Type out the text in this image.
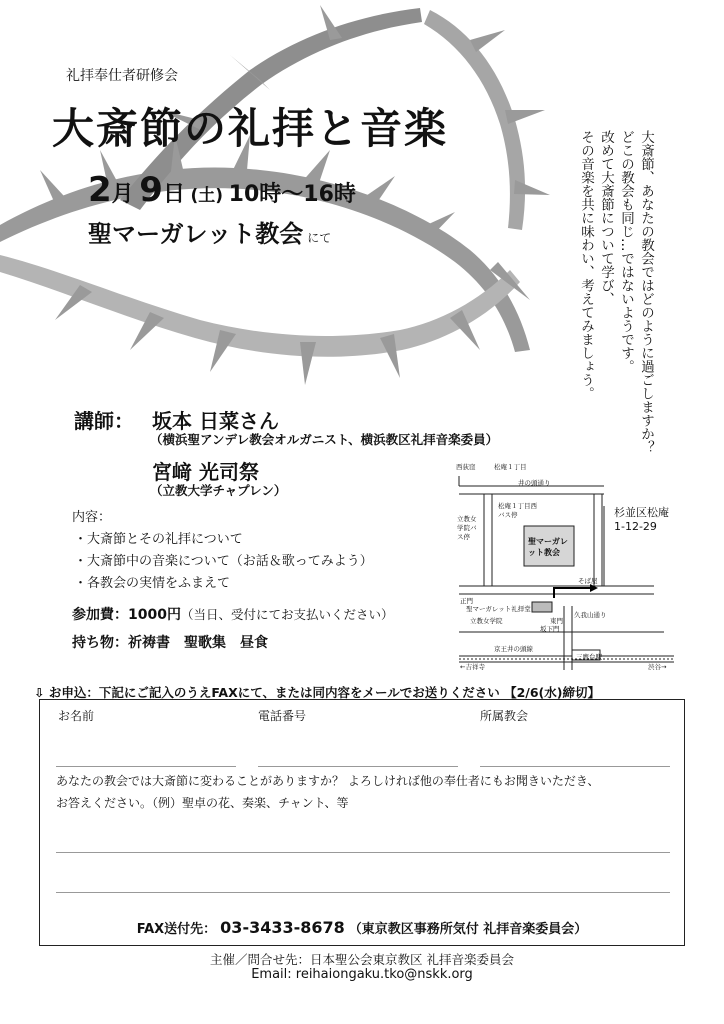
礼拝奉仕者研修会
大斎節の礼拝と音楽
2月 9日 (土) 10時〜16時
聖マーガレット教会 にて	大斎節、あなたの教会ではどのように過ごしますか？
どこの教会も同じ…ではないようです。
改めて大斎節について学び、
その音楽を共に味わい、考えてみましょう。
講師： 坂本 日菜さん
（横浜聖アンデレ教会オルガニスト、横浜教区礼拝音楽委員）
宮﨑 光司祭
（立教大学チャプレン）
内容：
・大斎節とその礼拝について
・大斎節中の音楽について（お話＆歌ってみよう）
・各教会の実情をふまえて
参加費：1000円（当日、受付にてお支払いください）
持ち物：祈祷書　聖歌集　昼食
西荻窪	松庵１丁目
井の頭通り
松庵１丁目西
バス停
立教女学院バス停	聖マーガレット教会
杉並区松庵
1-12-29
そば屋
正門
聖マーガレット礼拝堂
立教女学院	東門
久我山通り
坂下門
京王井の頭線
三鷹台駅
←吉祥寺	渋谷→
⇩ お申込：下記にご記入のうえFAXにて、または同内容をメールでお送りください 【2/6(水)締切】
お名前	電話番号	所属教会
あなたの教会では大斎節に変わることがありますか？ よろしければ他の奉仕者にもお聞きいただき、
お答えください。（例）聖卓の花、奏楽、チャント、等
FAX送付先： 03-3433-8678 （東京教区事務所気付 礼拝音楽委員会）
主催／問合せ先：日本聖公会東京教区 礼拝音楽委員会
Email: reihaiongaku.tko@nskk.org
